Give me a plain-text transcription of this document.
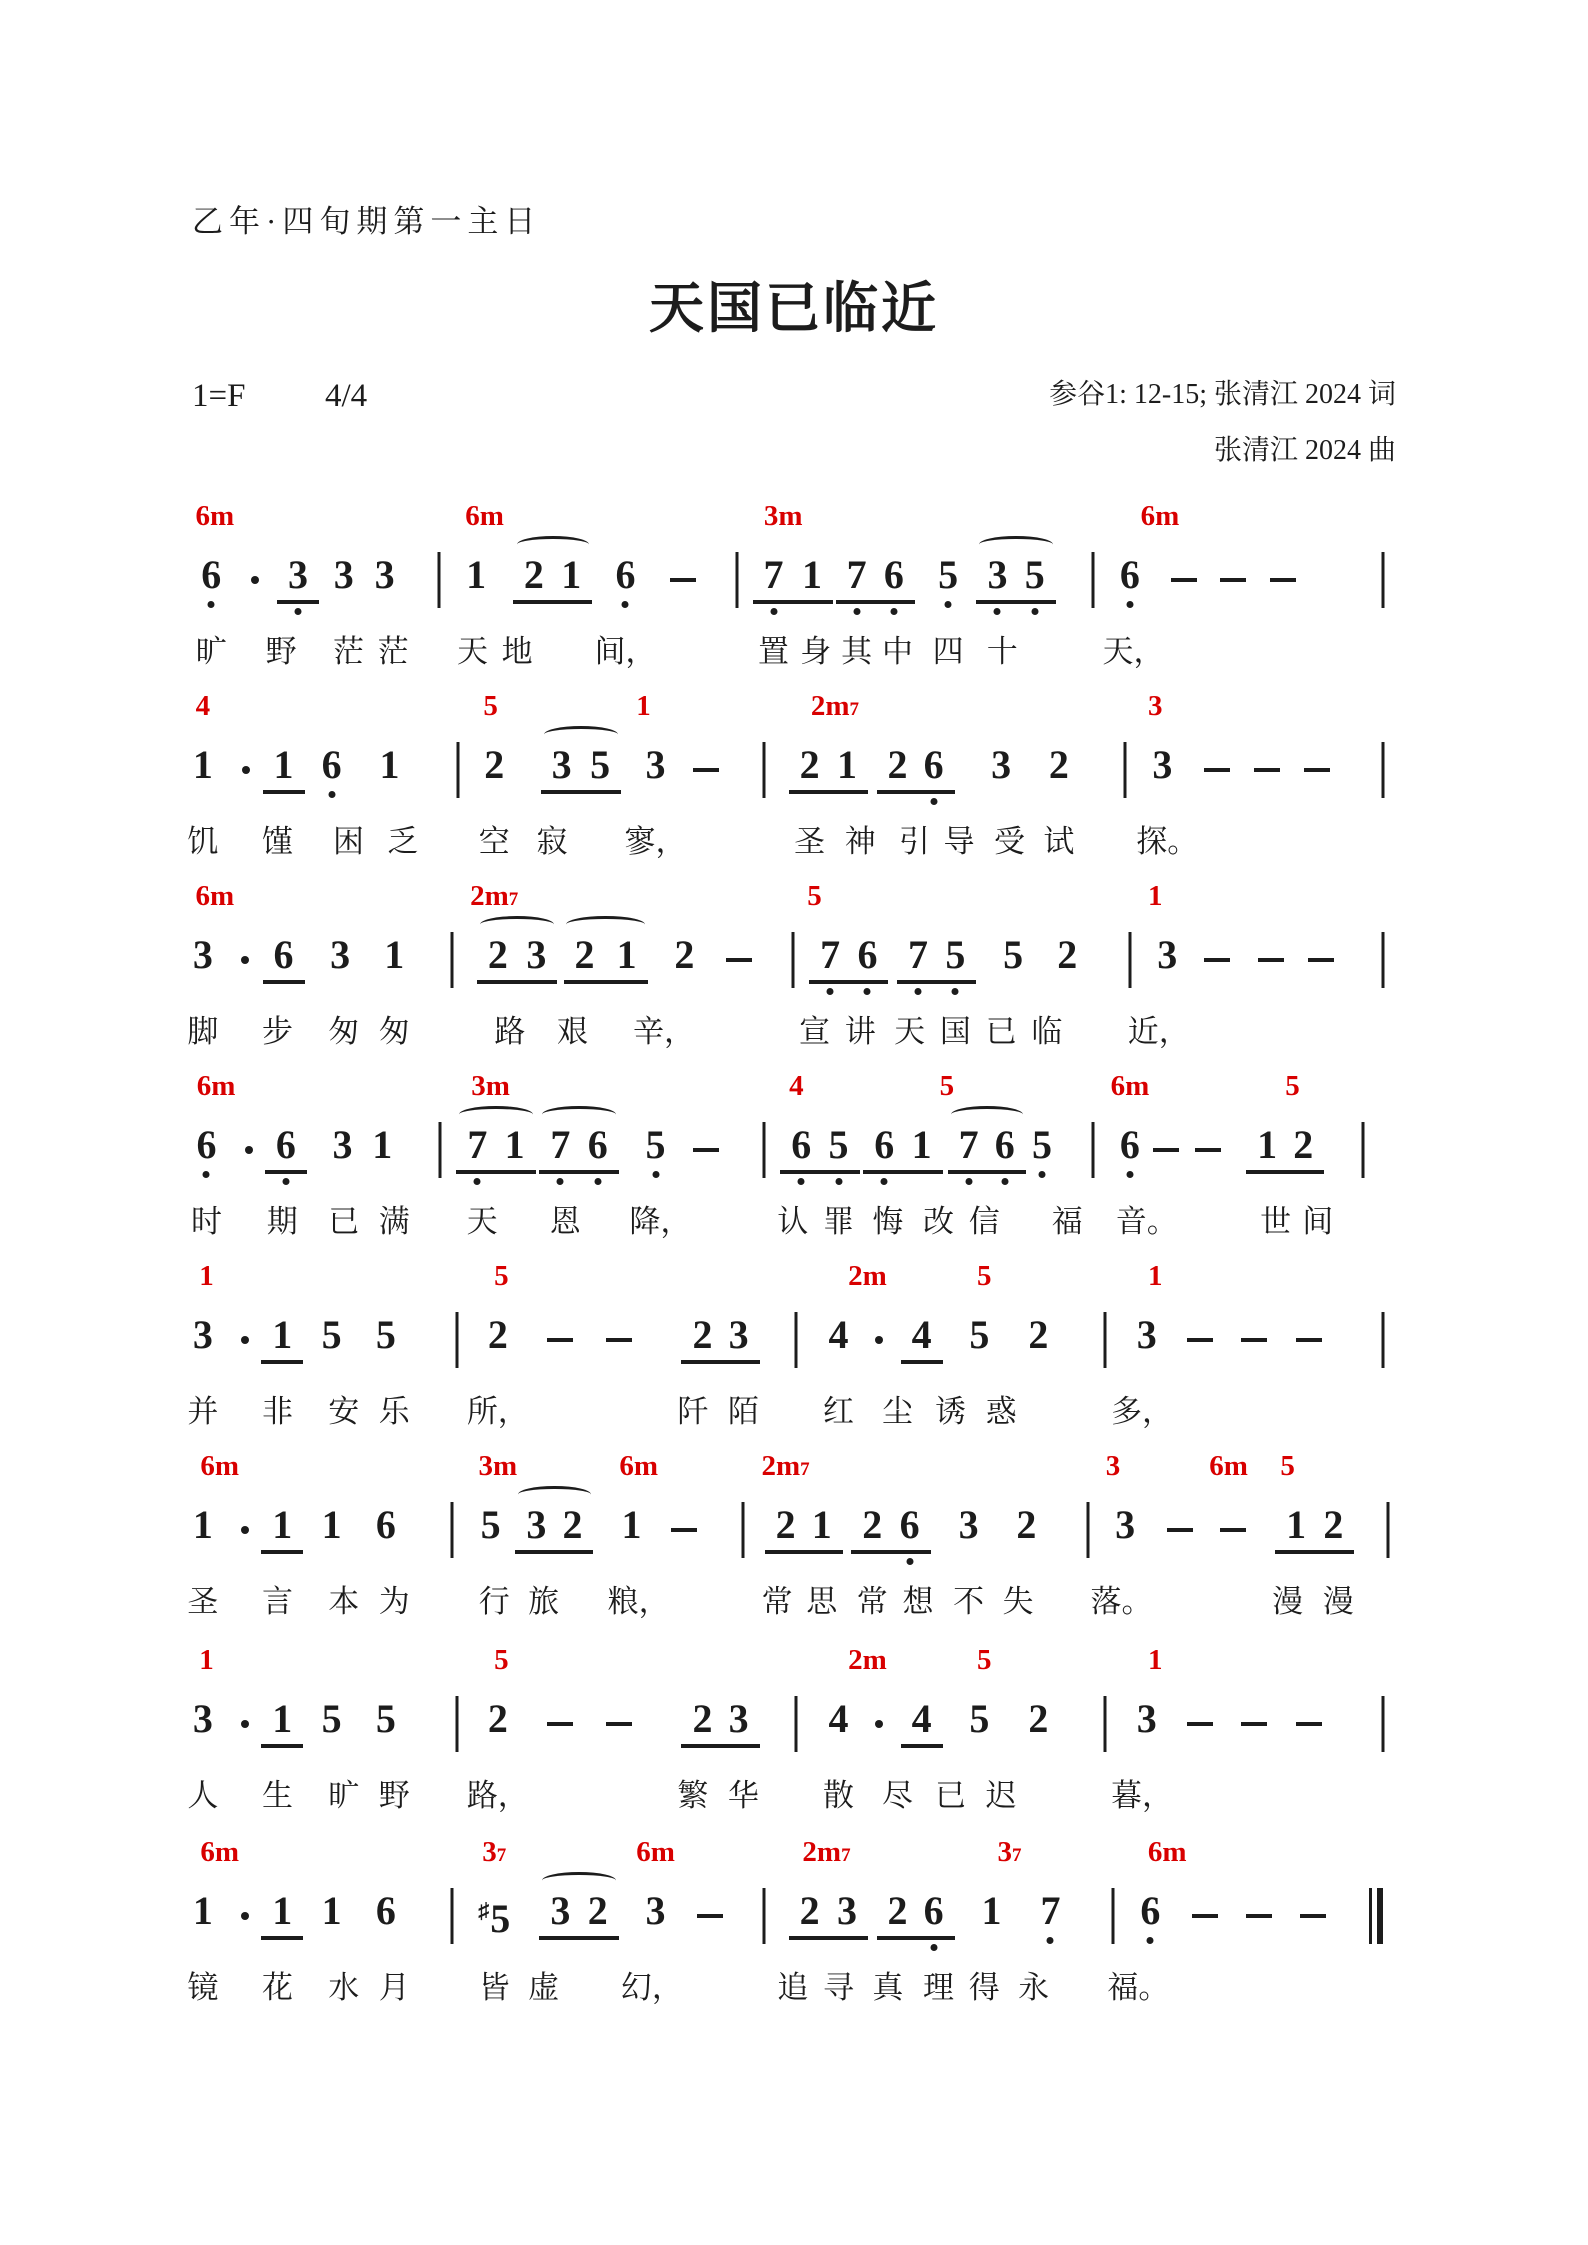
乙年·四旬期第一主日
天国已临近
1=F 4/4	参谷1: 12-15; 张清江 2024 词
张清江 2024 曲
6m	6m	3m	6m
6 3 3 3 1 2 1 6	7 1 7 6 5 3 5 6
旷 野 茫 茫 天 地 间，	置 身 其 中 四 十	天，
4	5	1	2m7	3
1 1 6 1 2 3 5 3	2 1 2 6 3 2 3
饥 馑 困 乏 空 寂 寥，	圣 神 引 导 受 试 探。
6m	2m7	5	1
3 6 3 1 2 3 2 1 2	7 6 7 5 5 2 3
脚 步 匆 匆	路 艰 辛，	宣 讲 天 国 已 临 近，
6m	3m	4	5	6m	5
6 6 3 1 7 1 7 6 5	6 5 6 1 7 6 5 6	1 2
时 期 已 满 天 恩 降，	认 罪 悔 改 信 福 音。	世 间
1	5	2m	5	1
3 1 5 5 2	2 3 4 4 5 2 3
并 非 安 乐 所，	阡 陌 红 尘 诱 惑	多，
6m	3m	6m	2m7	3	6m 5
1 1 1 6 5 3 2 1	2 1 2 6 3 2 3	1 2
圣 言 本 为 行 旅 粮，	常 思 常 想 不 失 落。	漫 漫
1	5	2m	5	1
3 1 5 5 2	2 3 4 4 5 2 3
人 生 旷 野 路，	繁 华 散 尽 已 迟	暮，
6m	37	6m	2m7	37	6m
1 1 1 6	♯5 3 2 3	2 3 2 6 1 7 6
镜 花 水 月 皆 虚 幻，	追 寻 真 理 得 永 福。
